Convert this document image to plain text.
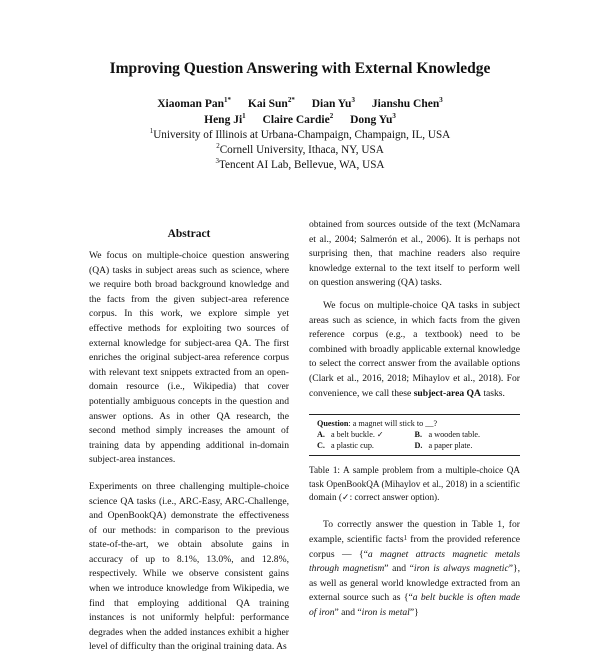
Improving Question Answering with External Knowledge
Xiaoman Pan$^{1*}$ Kai Sun$^{2*}$ Dian Yu$^3$ Jianshu Chen$^3$
Heng Ji$^1$ Claire Cardie$^2$ Dong Yu$^3$
$^1$University of Illinois at Urbana-Champaign, Champaign, IL, USA
$^2$Cornell University, Ithaca, NY, USA
$^3$Tencent AI Lab, Bellevue, WA, USA
Abstract

We focus on multiple-choice question answering (QA) tasks in subject areas such as science, where we require both broad background knowledge and the facts from the given subject-area reference corpus. In this work, we explore simple yet effective methods for exploiting two sources of external knowledge for subject-area QA. The first enriches the original subject-area reference corpus with relevant text snippets extracted from an open-domain resource (i.e., Wikipedia) that cover potentially ambiguous concepts in the question and answer options. As in other QA research, the second method simply increases the amount of training data by appending additional in-domain subject-area instances.

Experiments on three challenging multiple-choice science QA tasks (i.e., ARC-Easy, ARC-Challenge, and OpenBookQA) demonstrate the effectiveness of our methods: in comparison to the previous state-of-the-art, we obtain absolute gains in accuracy of up to 8.1%, 13.0%, and 12.8%, respectively. While we observe consistent gains when we introduce knowledge from Wikipedia, we find that employing additional QA training instances is not uniformly helpful: performance degrades when the added instances exhibit a higher level of difficulty than the original training data. As

obtained from sources outside of the text (McNamara et al., 2004; Salmerón et al., 2006). It is perhaps not surprising then, that machine readers also require knowledge external to the text itself to perform well on question answering (QA) tasks.

We focus on multiple-choice QA tasks in subject areas such as science, in which facts from the given reference corpus (e.g., a textbook) need to be combined with broadly applicable external knowledge to select the correct answer from the available options (Clark et al., 2016, 2018; Mihaylov et al., 2018). For convenience, we call these subject-area QA tasks.

Question: a magnet will stick to __?
A. a belt buckle. ✓	B. a wooden table.
C. a plastic cup.	D. a paper plate.

Table 1: A sample problem from a multiple-choice QA task OpenBookQA (Mihaylov et al., 2018) in a scientific domain (✓: correct answer option).

To correctly answer the question in Table 1, for example, scientific facts$^1$ from the provided reference corpus — {“a magnet attracts magnetic metals through magnetism” and “iron is always magnetic”}, as well as general world knowledge extracted from an external source such as {“a belt buckle is often made of iron” and “iron is metal”}
